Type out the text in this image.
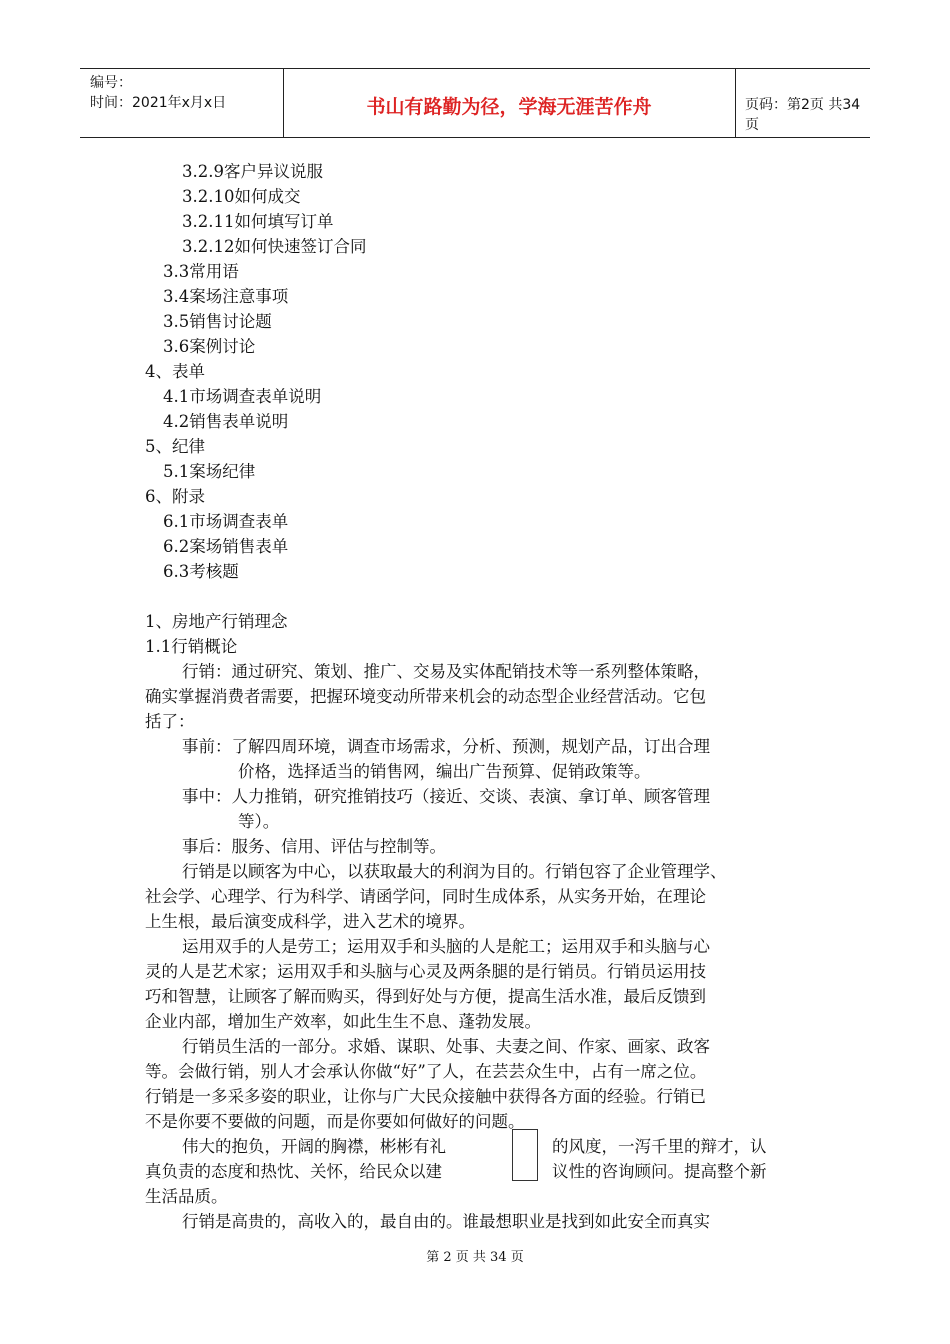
编号：
时间：2021年x月x日	书山有路勤为径，学海无涯苦作舟	页码：第2页 共34页
3.2.9客户异议说服
3.2.10如何成交
3.2.11如何填写订单
3.2.12如何快速签订合同
3.3常用语
3.4案场注意事项
3.5销售讨论题
3.6案例讨论
4、表单
4.1市场调查表单说明
4.2销售表单说明
5、纪律
5.1案场纪律
6、附录
6.1市场调查表单
6.2案场销售表单
6.3考核题
1、房地产行销理念
1.1行销概论
行销：通过研究、策划、推广、交易及实体配销技术等一系列整体策略，
确实掌握消费者需要，把握环境变动所带来机会的动态型企业经营活动。它包
括了：
事前：了解四周环境，调查市场需求，分析、预测，规划产品，订出合理
价格，选择适当的销售网，编出广告预算、促销政策等。
事中：人力推销，研究推销技巧（接近、交谈、表演、拿订单、顾客管理
等）。
事后：服务、信用、评估与控制等。
行销是以顾客为中心，以获取最大的利润为目的。行销包容了企业管理学、
社会学、心理学、行为科学、请函学问，同时生成体系，从实务开始，在理论
上生根，最后演变成科学，进入艺术的境界。
运用双手的人是劳工；运用双手和头脑的人是舵工；运用双手和头脑与心
灵的人是艺术家；运用双手和头脑与心灵及两条腿的是行销员。行销员运用技
巧和智慧，让顾客了解而购买，得到好处与方便，提高生活水准，最后反馈到
企业内部，增加生产效率，如此生生不息、蓬勃发展。
行销员生活的一部分。求婚、谋职、处事、夫妻之间、作家、画家、政客
等。会做行销，别人才会承认你做“好”了人，在芸芸众生中，占有一席之位。
行销是一多采多姿的职业，让你与广大民众接触中获得各方面的经验。行销已
不是你要不要做的问题，而是你要如何做好的问题。
伟大的抱负，开阔的胸襟，彬彬有礼	的风度，一泻千里的辩才，认
真负责的态度和热忱、关怀，给民众以建	议性的咨询顾问。提高整个新
生活品质。
行销是高贵的，高收入的，最自由的。谁最想职业是找到如此安全而真实
第 2 页 共 34 页
